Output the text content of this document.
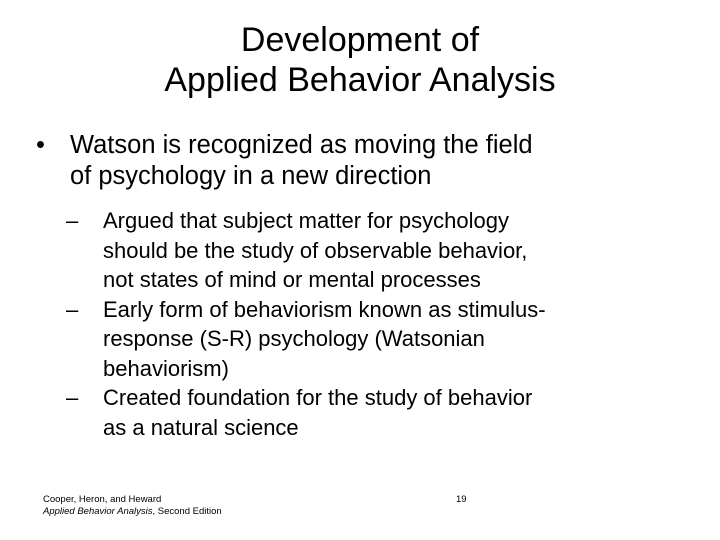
Development of
Applied Behavior Analysis
• Watson is recognized as moving the field
of psychology in a new direction
– Argued that subject matter for psychology
should be the study of observable behavior,
not states of mind or mental processes
– Early form of behaviorism known as stimulus-
response (S-R) psychology (Watsonian
behaviorism)
– Created foundation for the study of behavior
as a natural science
Cooper, Heron, and Heward
Applied Behavior Analysis, Second Edition
19
